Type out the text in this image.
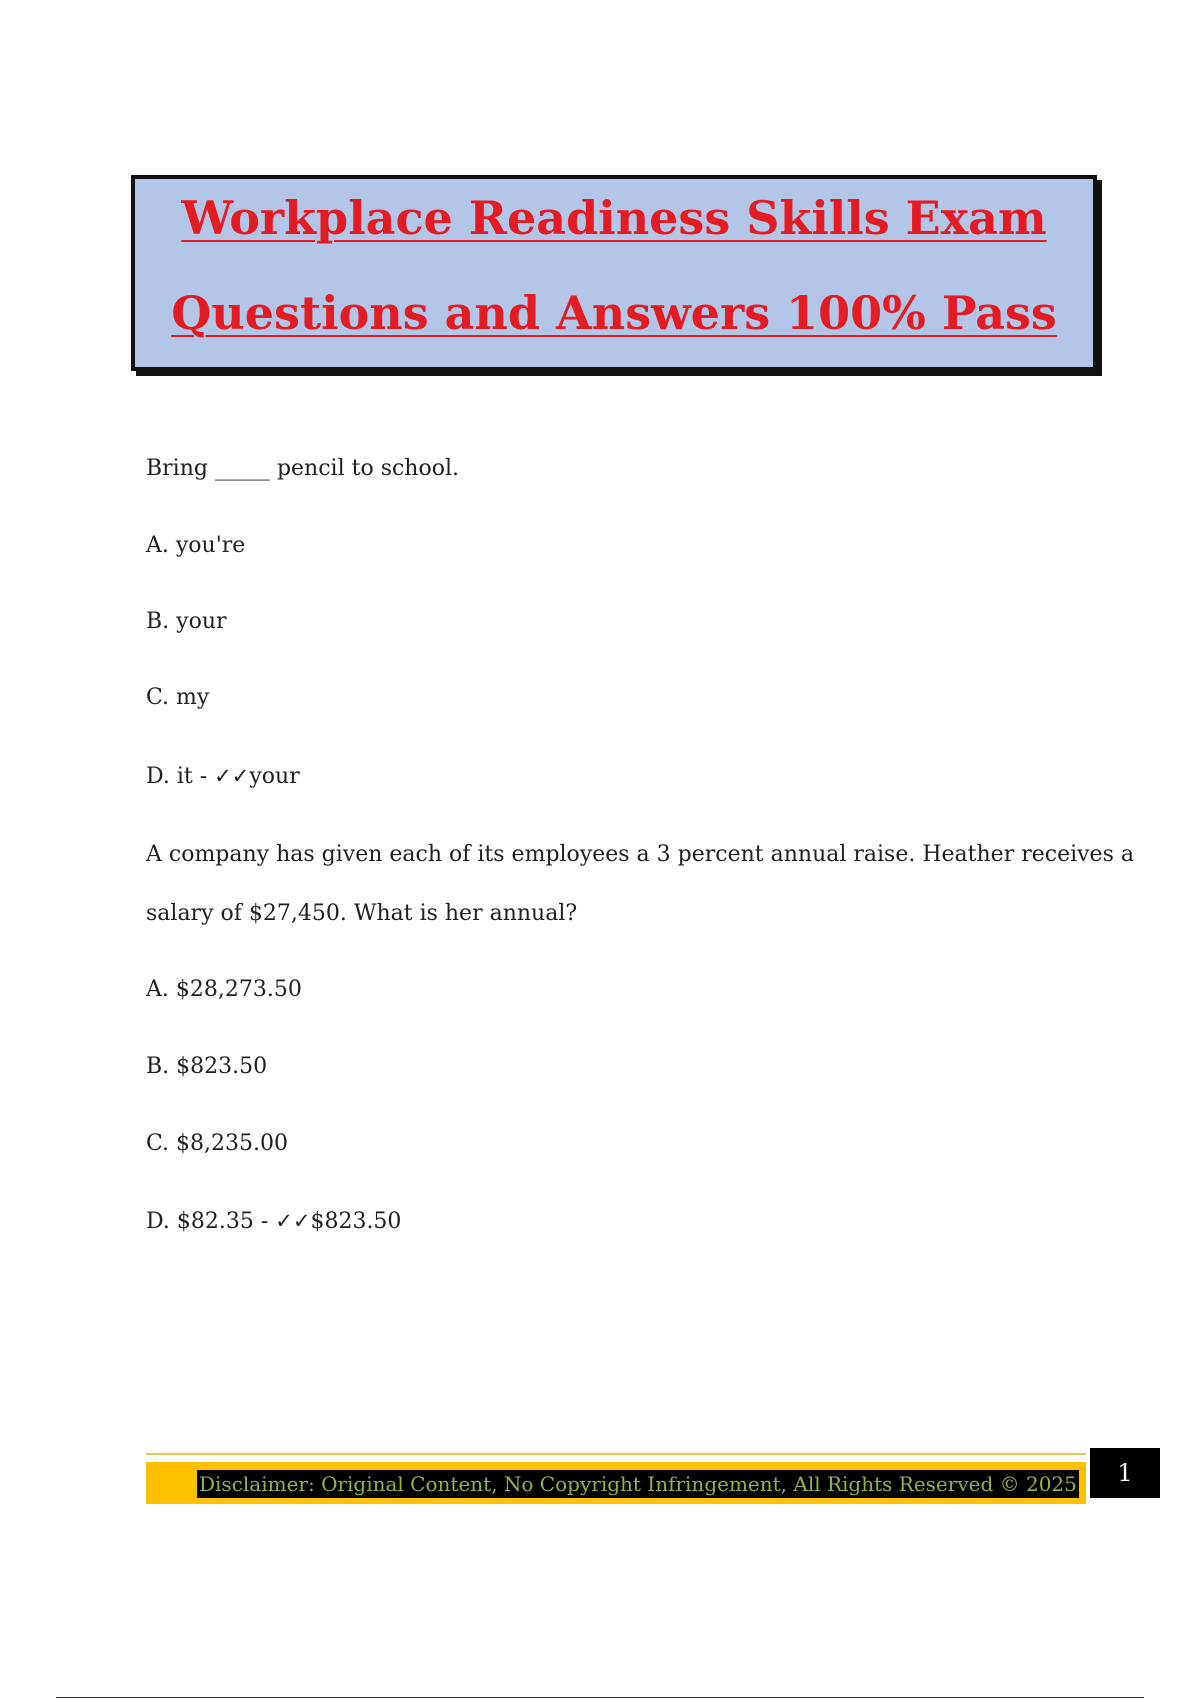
Workplace Readiness Skills Exam
Questions and Answers 100% Pass
Bring _____ pencil to school.
A. you're
B. your
C. my
D. it - ✓✓your
A company has given each of its employees a 3 percent annual raise. Heather receives a
salary of $27,450. What is her annual?
A. $28,273.50
B. $823.50
C. $8,235.00
D. $82.35 - ✓✓$823.50
Disclaimer: Original Content, No Copyright Infringement, All Rights Reserved © 2025	1
